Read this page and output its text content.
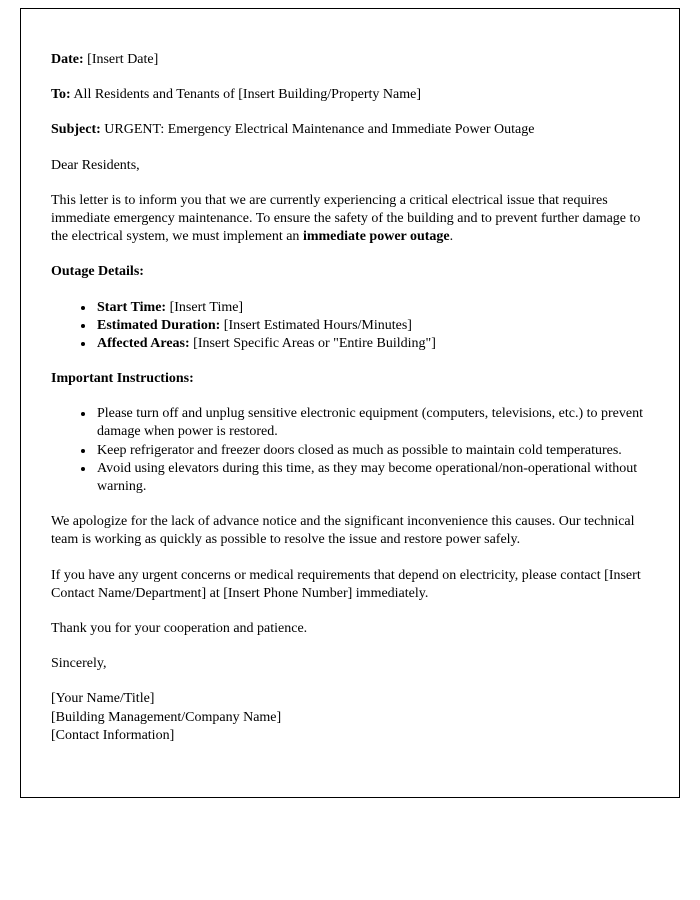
Date: [Insert Date]

To: All Residents and Tenants of [Insert Building/Property Name]

Subject: URGENT: Emergency Electrical Maintenance and Immediate Power Outage

Dear Residents,

This letter is to inform you that we are currently experiencing a critical electrical issue that requires immediate emergency maintenance. To ensure the safety of the building and to prevent further damage to the electrical system, we must implement an immediate power outage.

Outage Details:

• Start Time: [Insert Time]
• Estimated Duration: [Insert Estimated Hours/Minutes]
• Affected Areas: [Insert Specific Areas or "Entire Building"]

Important Instructions:

• Please turn off and unplug sensitive electronic equipment (computers, televisions, etc.) to prevent damage when power is restored.
• Keep refrigerator and freezer doors closed as much as possible to maintain cold temperatures.
• Avoid using elevators during this time, as they may become operational/non-operational without warning.

We apologize for the lack of advance notice and the significant inconvenience this causes. Our technical team is working as quickly as possible to resolve the issue and restore power safely.

If you have any urgent concerns or medical requirements that depend on electricity, please contact [Insert Contact Name/Department] at [Insert Phone Number] immediately.

Thank you for your cooperation and patience.

Sincerely,

[Your Name/Title]
[Building Management/Company Name]
[Contact Information]
